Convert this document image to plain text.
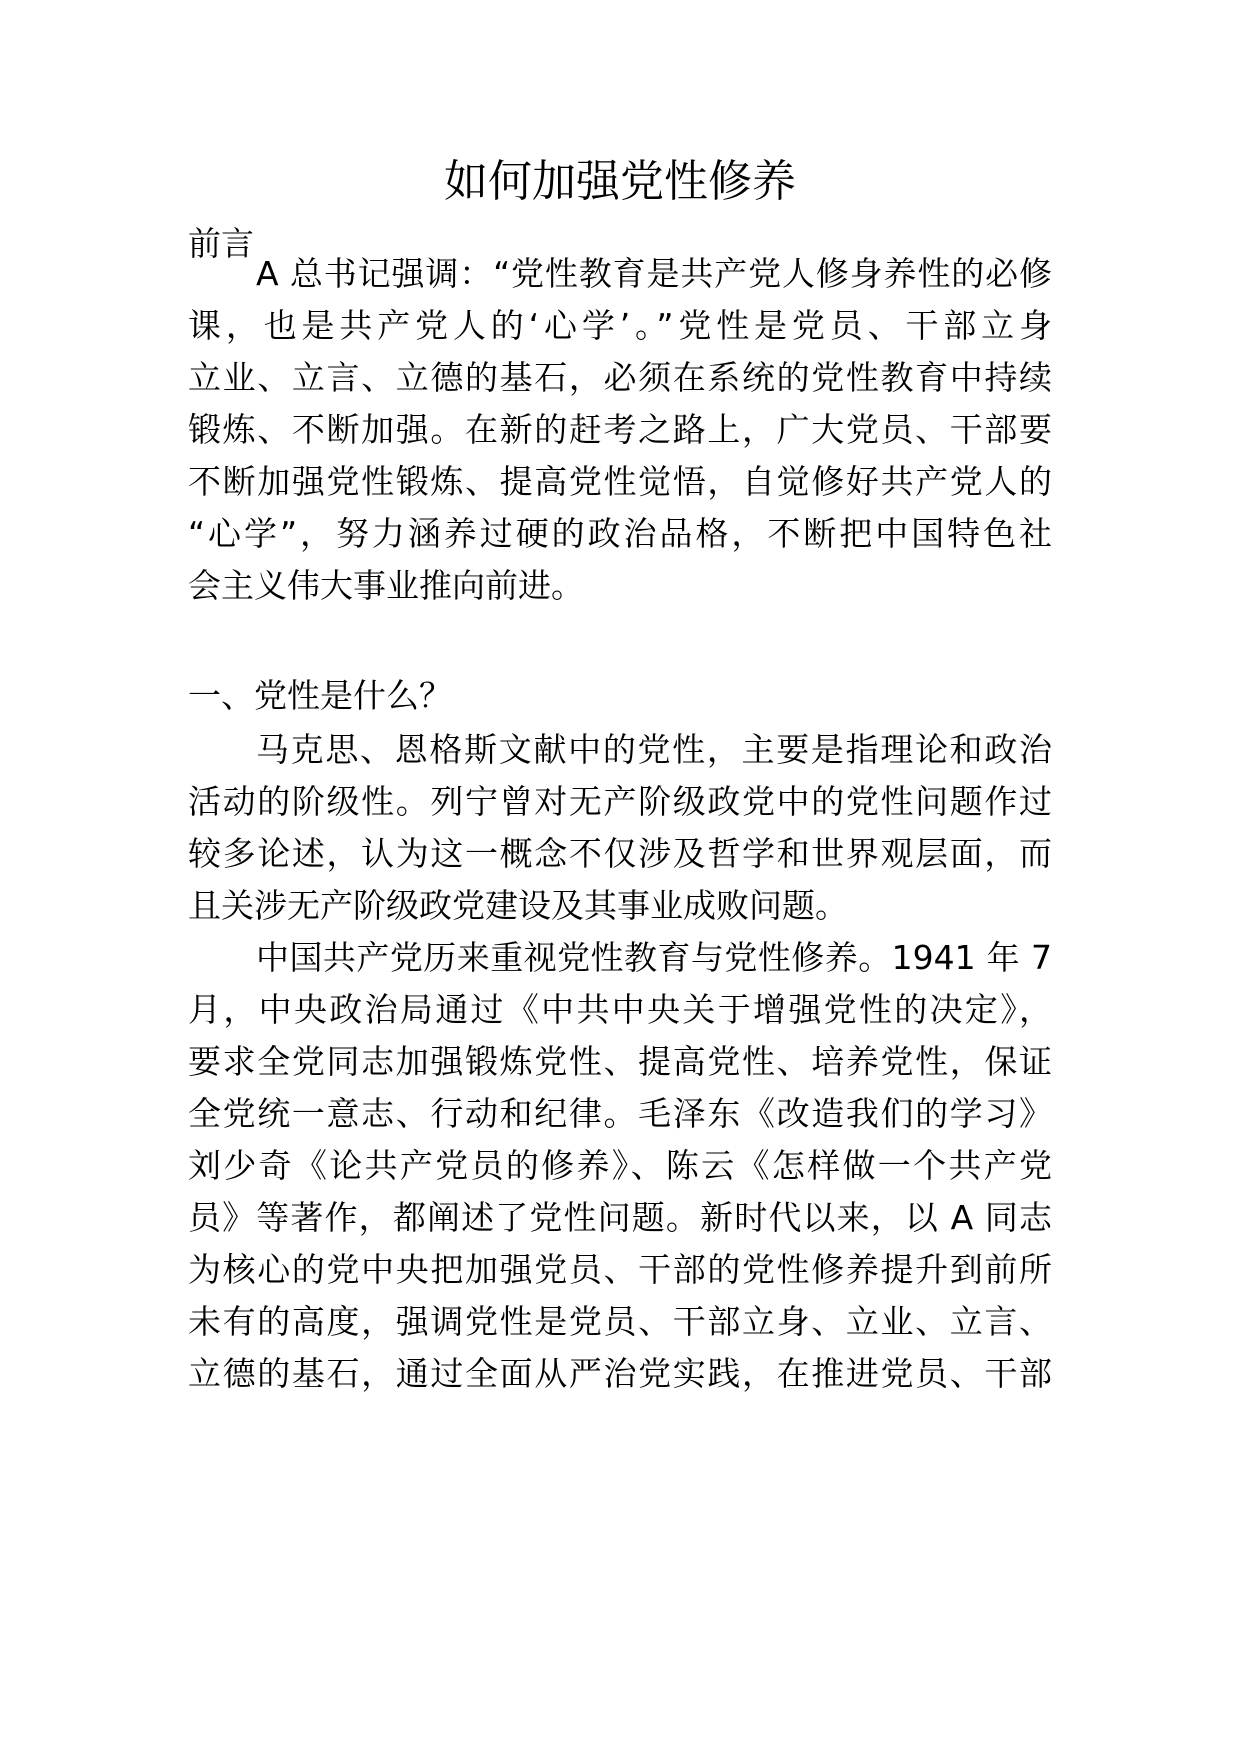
如何加强党性修养

前言

A 总书记强调：“党性教育是共产党人修身养性的必修

课，也是共产党人的‘心学’。”党性是党员、干部立身

立业、立言、立德的基石，必须在系统的党性教育中持续

锻炼、不断加强。在新的赶考之路上，广大党员、干部要

不断加强党性锻炼、提高党性觉悟，自觉修好共产党人的

“心学”，努力涵养过硬的政治品格，不断把中国特色社

会主义伟大事业推向前进。

一、党性是什么？

马克思、恩格斯文献中的党性，主要是指理论和政治

活动的阶级性。列宁曾对无产阶级政党中的党性问题作过

较多论述，认为这一概念不仅涉及哲学和世界观层面，而

且关涉无产阶级政党建设及其事业成败问题。

中国共产党历来重视党性教育与党性修养。1941 年 7

月，中央政治局通过《中共中央关于增强党性的决定》，

要求全党同志加强锻炼党性、提高党性、培养党性，保证

全党统一意志、行动和纪律。毛泽东《改造我们的学习》

刘少奇《论共产党员的修养》、陈云《怎样做一个共产党

员》等著作，都阐述了党性问题。新时代以来，以 A 同志

为核心的党中央把加强党员、干部的党性修养提升到前所

未有的高度，强调党性是党员、干部立身、立业、立言、

立德的基石，通过全面从严治党实践，在推进党员、干部
